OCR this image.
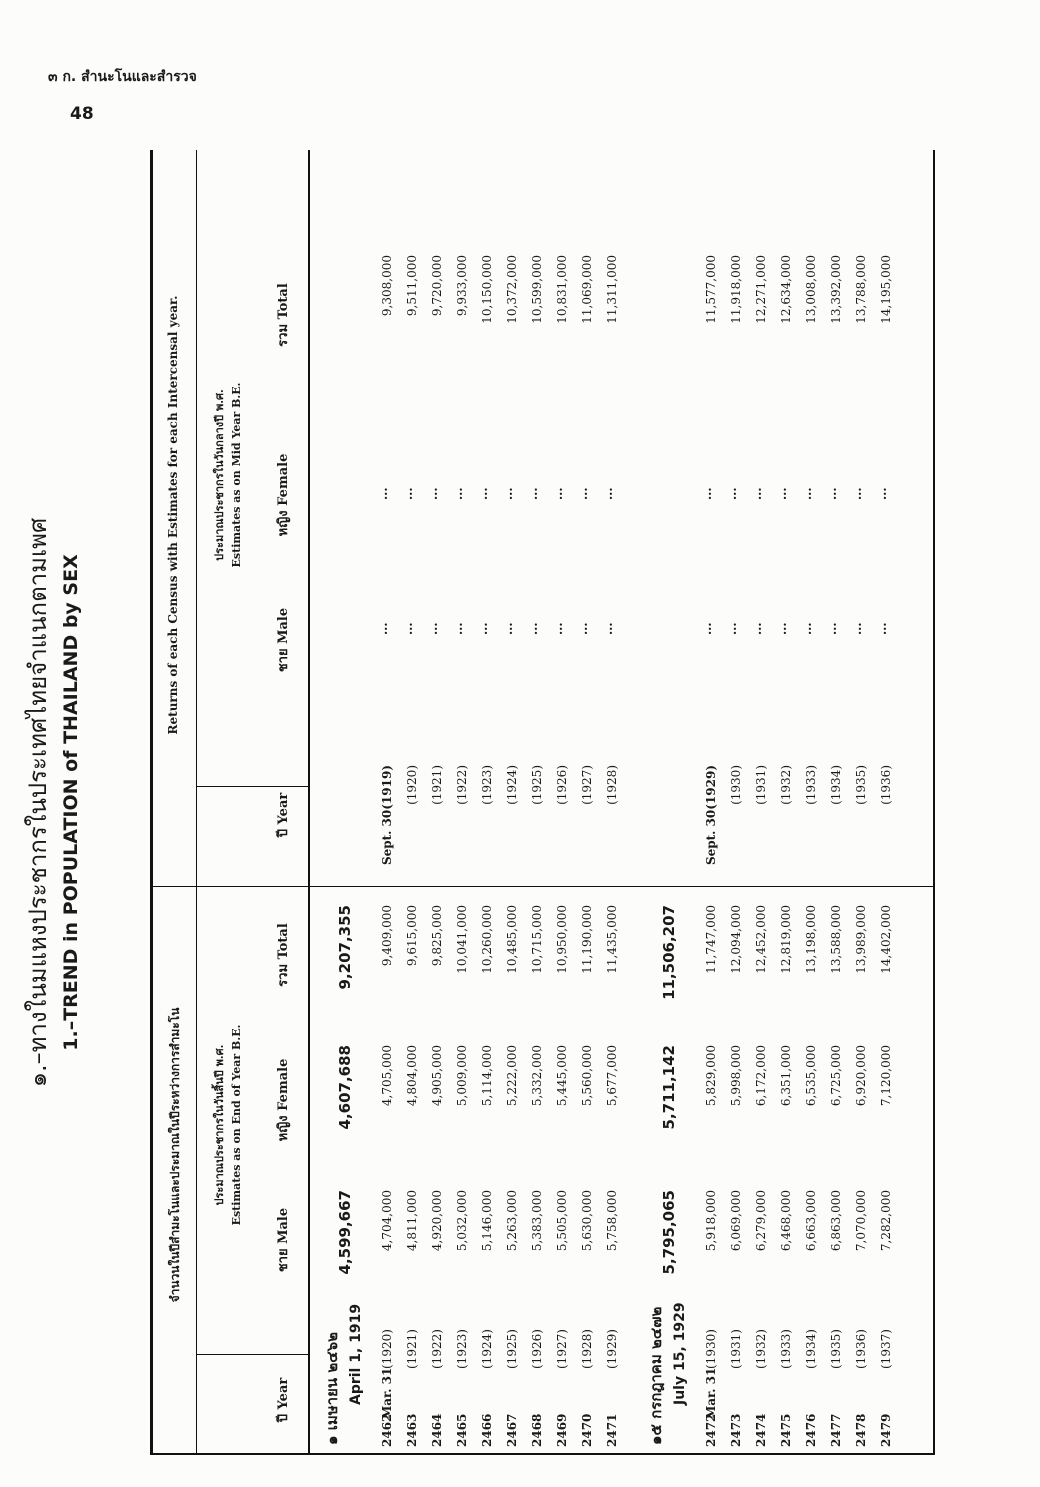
๓ ก. สำนะโนและสำรวจ
48
๑.–ทางในมแหงประชากรในประเทศไทยจำแนกตามเพศ 1.–TREND in POPULATION of THAILAND by SEX
จำนวนในปีสำมะโนและประมาณในปีระหว่างการสำมะโน
Returns of each Census with Estimates for each Intercensal year.
ประมาณประชากรในวันสิ้นปี พ.ศ. Estimates as on End of Year B.E.
ประมาณประชากรในวันกลางปี พ.ศ. Estimates as on Mid Year B.E.
ปี Year
ชาย Male
หญิง Female
รวม Total
ปี Year
ชาย Male
หญิง Female
รวม Total
๑ เมษายน ๒๔๖๒ April 1, 1919
4,599,667
4,607,688
9,207,355
2462
Mar. 31
(1920)
4,704,000
4,705,000
9,409,000
Sept. 30(1919)
...
...
9,308,000
2463
(1921)
4,811,000
4,804,000
9,615,000
(1920)
...
...
9,511,000
2464
(1922)
4,920,000
4,905,000
9,825,000
(1921)
...
...
9,720,000
2465
(1923)
5,032,000
5,009,000
10,041,000
(1922)
...
...
9,933,000
2466
(1924)
5,146,000
5,114,000
10,260,000
(1923)
...
...
10,150,000
2467
(1925)
5,263,000
5,222,000
10,485,000
(1924)
...
...
10,372,000
2468
(1926)
5,383,000
5,332,000
10,715,000
(1925)
...
...
10,599,000
2469
(1927)
5,505,000
5,445,000
10,950,000
(1926)
...
...
10,831,000
2470
(1928)
5,630,000
5,560,000
11,190,000
(1927)
...
...
11,069,000
2471
(1929)
5,758,000
5,677,000
11,435,000
(1928)
...
...
11,311,000
๑๕ กรกฎาคม ๒๔๗๒ July 15, 1929
5,795,065
5,711,142
11,506,207
2472
Mar. 31
(1930)
5,918,000
5,829,000
11,747,000
Sept. 30(1929)
...
...
11,577,000
2473
(1931)
6,069,000
5,998,000
12,094,000
(1930)
...
...
11,918,000
2474
(1932)
6,279,000
6,172,000
12,452,000
(1931)
...
...
12,271,000
2475
(1933)
6,468,000
6,351,000
12,819,000
(1932)
...
...
12,634,000
2476
(1934)
6,663,000
6,535,000
13,198,000
(1933)
...
...
13,008,000
2477
(1935)
6,863,000
6,725,000
13,588,000
(1934)
...
...
13,392,000
2478
(1936)
7,070,000
6,920,000
13,989,000
(1935)
...
...
13,788,000
2479
(1937)
7,282,000
7,120,000
14,402,000
(1936)
...
...
14,195,000
